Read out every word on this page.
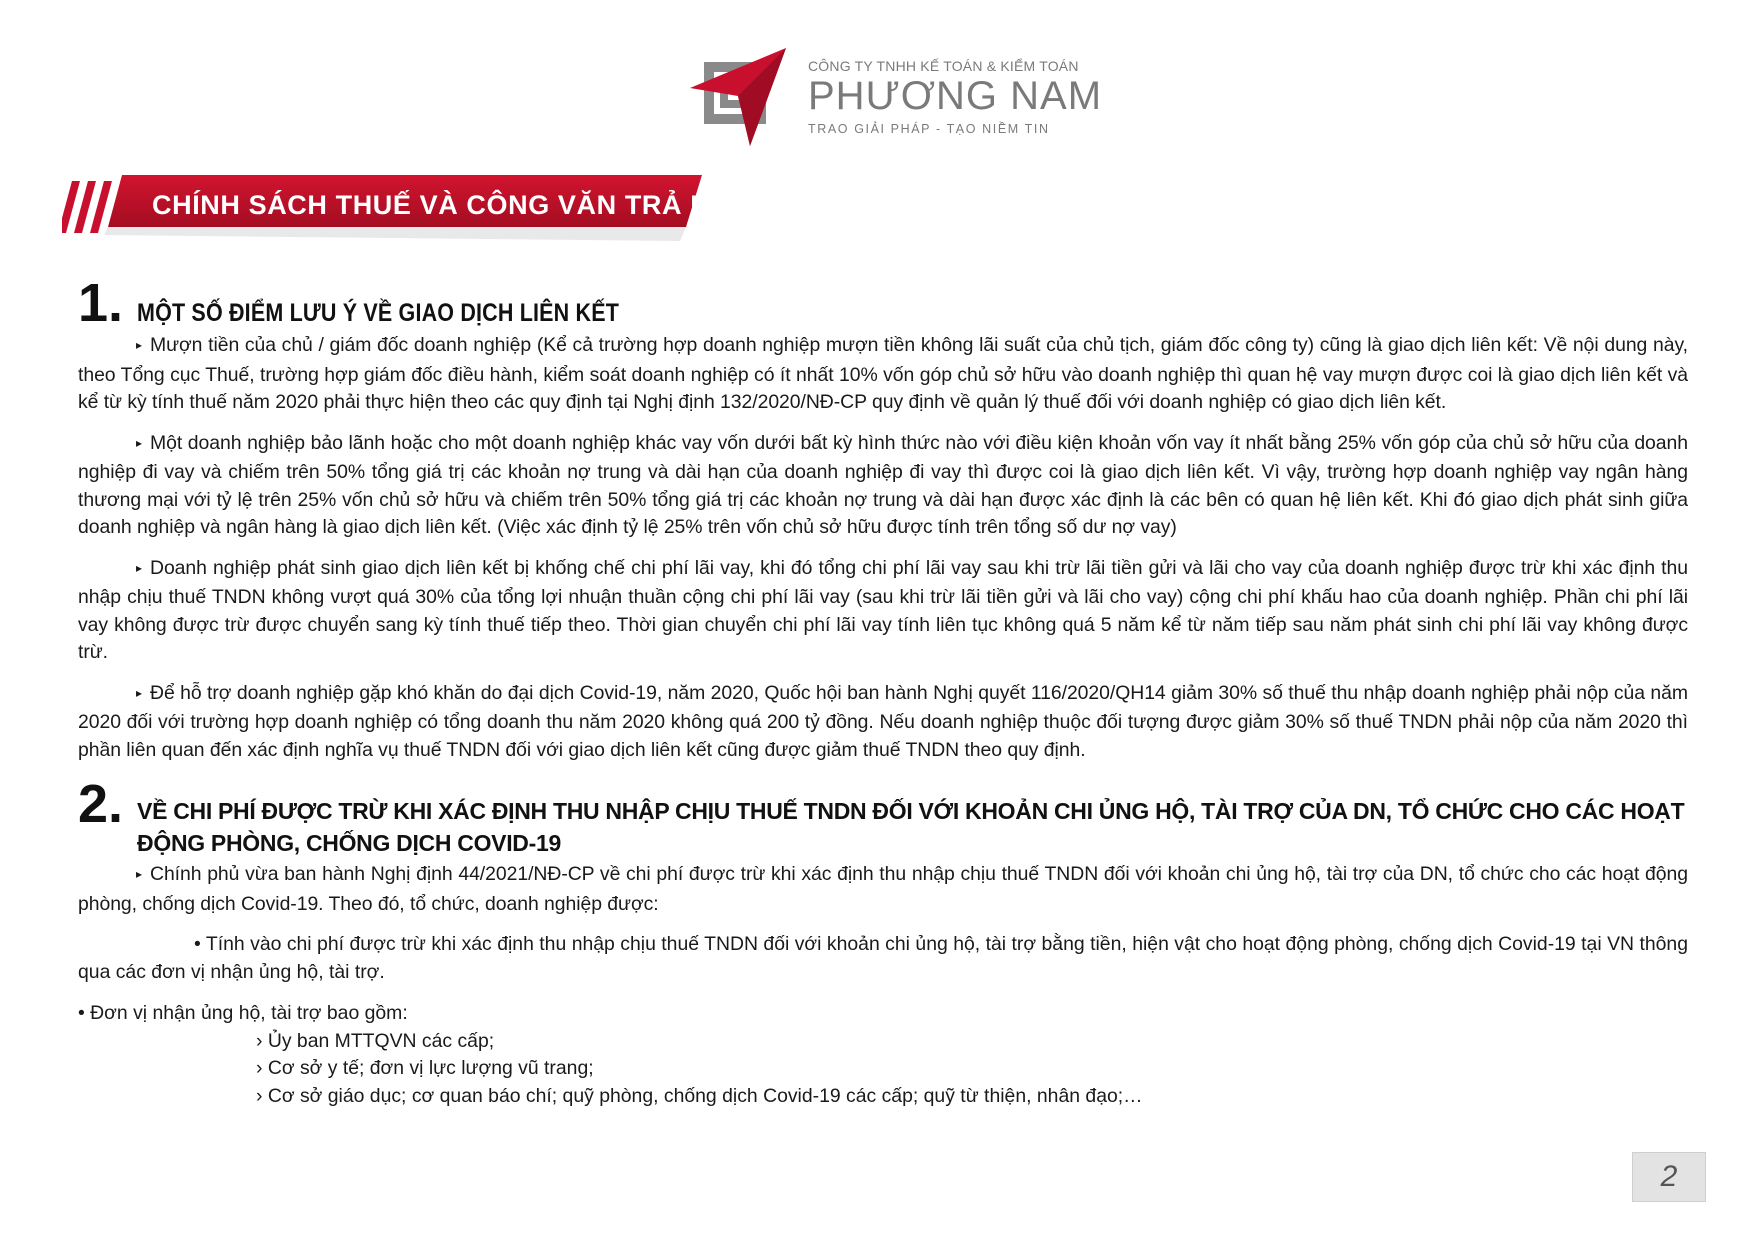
CÔNG TY TNHH KẾ TOÁN & KIỂM TOÁN
PHƯƠNG NAM
TRAO GIẢI PHÁP - TẠO NIỀM TIN
CHÍNH SÁCH THUẾ VÀ CÔNG VĂN TRẢ LỜI
1. MỘT SỐ ĐIỂM LƯU Ý VỀ GIAO DỊCH LIÊN KẾT

▸ Mượn tiền của chủ / giám đốc doanh nghiệp (Kể cả trường hợp doanh nghiệp mượn tiền không lãi suất của chủ tịch, giám đốc công ty) cũng là giao dịch liên kết: Về nội dung này, theo Tổng cục Thuế, trường hợp giám đốc điều hành, kiểm soát doanh nghiệp có ít nhất 10% vốn góp chủ sở hữu vào doanh nghiệp thì quan hệ vay mượn được coi là giao dịch liên kết và kể từ kỳ tính thuế năm 2020 phải thực hiện theo các quy định tại Nghị định 132/2020/NĐ-CP quy định về quản lý thuế đối với doanh nghiệp có giao dịch liên kết.

▸ Một doanh nghiệp bảo lãnh hoặc cho một doanh nghiệp khác vay vốn dưới bất kỳ hình thức nào với điều kiện khoản vốn vay ít nhất bằng 25% vốn góp của chủ sở hữu của doanh nghiệp đi vay và chiếm trên 50% tổng giá trị các khoản nợ trung và dài hạn của doanh nghiệp đi vay thì được coi là giao dịch liên kết. Vì vậy, trường hợp doanh nghiệp vay ngân hàng thương mại với tỷ lệ trên 25% vốn chủ sở hữu và chiếm trên 50% tổng giá trị các khoản nợ trung và dài hạn được xác định là các bên có quan hệ liên kết. Khi đó giao dịch phát sinh giữa doanh nghiệp và ngân hàng là giao dịch liên kết. (Việc xác định tỷ lệ 25% trên vốn chủ sở hữu được tính trên tổng số dư nợ vay)

▸ Doanh nghiệp phát sinh giao dịch liên kết bị khống chế chi phí lãi vay, khi đó tổng chi phí lãi vay sau khi trừ lãi tiền gửi và lãi cho vay của doanh nghiệp được trừ khi xác định thu nhập chịu thuế TNDN không vượt quá 30% của tổng lợi nhuận thuần cộng chi phí lãi vay (sau khi trừ lãi tiền gửi và lãi cho vay) cộng chi phí khấu hao của doanh nghiệp. Phần chi phí lãi vay không được trừ được chuyển sang kỳ tính thuế tiếp theo. Thời gian chuyển chi phí lãi vay tính liên tục không quá 5 năm kể từ năm tiếp sau năm phát sinh chi phí lãi vay không được trừ.

▸ Để hỗ trợ doanh nghiệp gặp khó khăn do đại dịch Covid-19, năm 2020, Quốc hội ban hành Nghị quyết 116/2020/QH14 giảm 30% số thuế thu nhập doanh nghiệp phải nộp của năm 2020 đối với trường hợp doanh nghiệp có tổng doanh thu năm 2020 không quá 200 tỷ đồng. Nếu doanh nghiệp thuộc đối tượng được giảm 30% số thuế TNDN phải nộp của năm 2020 thì phần liên quan đến xác định nghĩa vụ thuế TNDN đối với giao dịch liên kết cũng được giảm thuế TNDN theo quy định.

2. VỀ CHI PHÍ ĐƯỢC TRỪ KHI XÁC ĐỊNH THU NHẬP CHỊU THUẾ TNDN ĐỐI VỚI KHOẢN CHI ỦNG HỘ, TÀI TRỢ CỦA DN, TỔ CHỨC CHO CÁC HOẠT ĐỘNG PHÒNG, CHỐNG DỊCH COVID-19

▸ Chính phủ vừa ban hành Nghị định 44/2021/NĐ-CP về chi phí được trừ khi xác định thu nhập chịu thuế TNDN đối với khoản chi ủng hộ, tài trợ của DN, tổ chức cho các hoạt động phòng, chống dịch Covid-19. Theo đó, tổ chức, doanh nghiệp được:

• Tính vào chi phí được trừ khi xác định thu nhập chịu thuế TNDN đối với khoản chi ủng hộ, tài trợ bằng tiền, hiện vật cho hoạt động phòng, chống dịch Covid-19 tại VN thông qua các đơn vị nhận ủng hộ, tài trợ.

• Đơn vị nhận ủng hộ, tài trợ bao gồm:

› Ủy ban MTTQVN các cấp;
› Cơ sở y tế; đơn vị lực lượng vũ trang;
› Cơ sở giáo dục; cơ quan báo chí; quỹ phòng, chống dịch Covid-19 các cấp; quỹ từ thiện, nhân đạo;…
2
